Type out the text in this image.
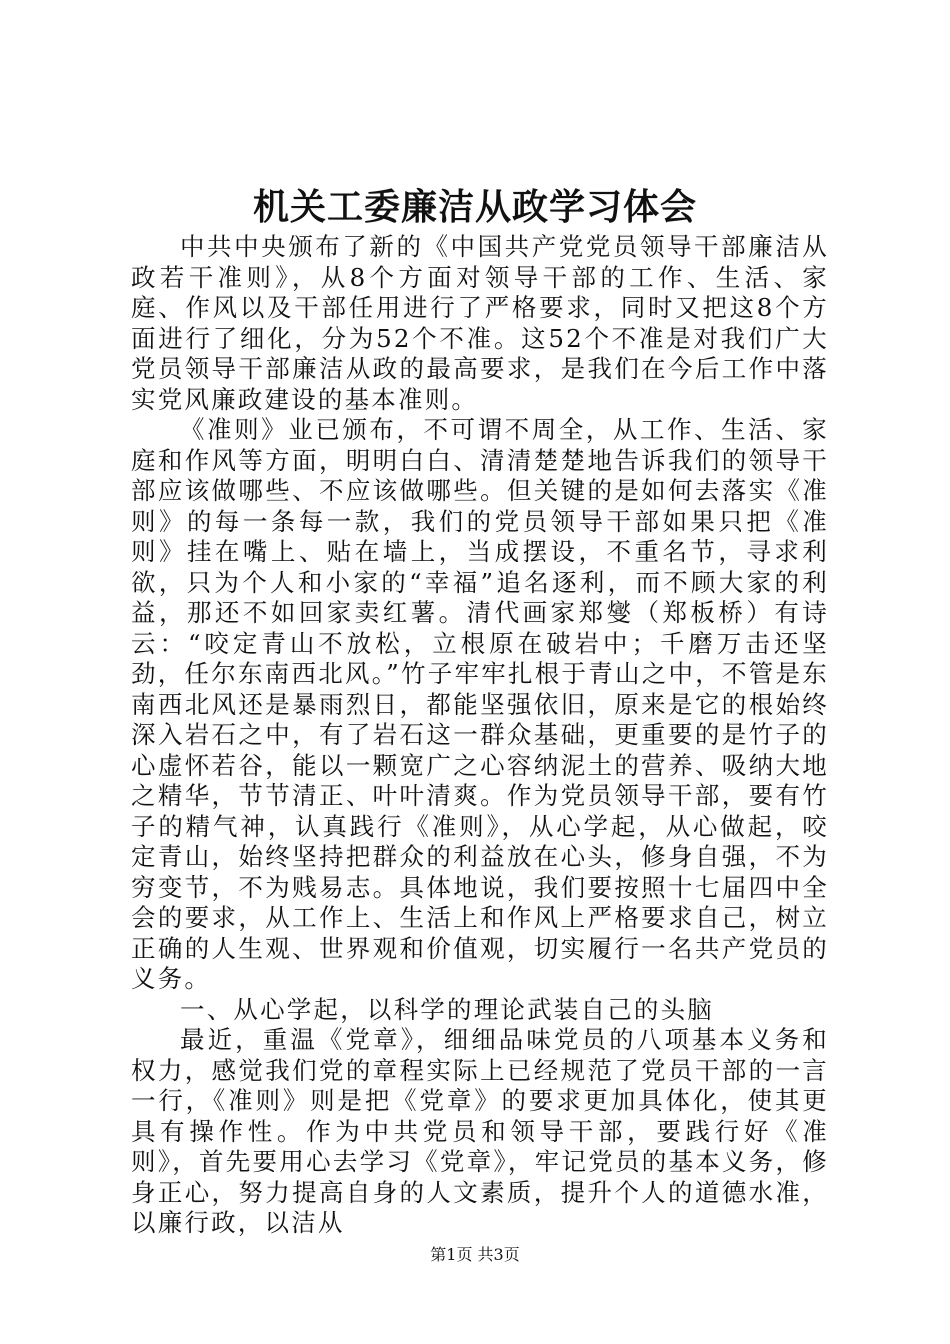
机关工委廉洁从政学习体会

中共中央颁布了新的《中国共产党党员领导干部廉洁从政若干准则》，从8个方面对领导干部的工作、生活、家庭、作风以及干部任用进行了严格要求，同时又把这8个方面进行了细化，分为52个不准。这52个不准是对我们广大党员领导干部廉洁从政的最高要求，是我们在今后工作中落实党风廉政建设的基本准则。

《准则》业已颁布，不可谓不周全，从工作、生活、家庭和作风等方面，明明白白、清清楚楚地告诉我们的领导干部应该做哪些、不应该做哪些。但关键的是如何去落实《准则》的每一条每一款，我们的党员领导干部如果只把《准则》挂在嘴上、贴在墙上，当成摆设，不重名节，寻求利欲，只为个人和小家的“幸福”追名逐利，而不顾大家的利益，那还不如回家卖红薯。清代画家郑燮（郑板桥）有诗云：“咬定青山不放松，立根原在破岩中；千磨万击还坚劲，任尔东南西北风。”竹子牢牢扎根于青山之中，不管是东南西北风还是暴雨烈日，都能坚强依旧，原来是它的根始终深入岩石之中，有了岩石这一群众基础，更重要的是竹子的心虚怀若谷，能以一颗宽广之心容纳泥土的营养、吸纳大地之精华，节节清正、叶叶清爽。作为党员领导干部，要有竹子的精气神，认真践行《准则》，从心学起，从心做起，咬定青山，始终坚持把群众的利益放在心头，修身自强，不为穷变节，不为贱易志。具体地说，我们要按照十七届四中全会的要求，从工作上、生活上和作风上严格要求自己，树立正确的人生观、世界观和价值观，切实履行一名共产党员的义务。

一、从心学起，以科学的理论武装自己的头脑

最近，重温《党章》，细细品味党员的八项基本义务和权力，感觉我们党的章程实际上已经规范了党员干部的一言一行，《准则》则是把《党章》的要求更加具体化，使其更具有操作性。作为中共党员和领导干部，要践行好《准则》，首先要用心去学习《党章》，牢记党员的基本义务，修身正心，努力提高自身的人文素质，提升个人的道德水准，以廉行政，以洁从

第1页 共3页
